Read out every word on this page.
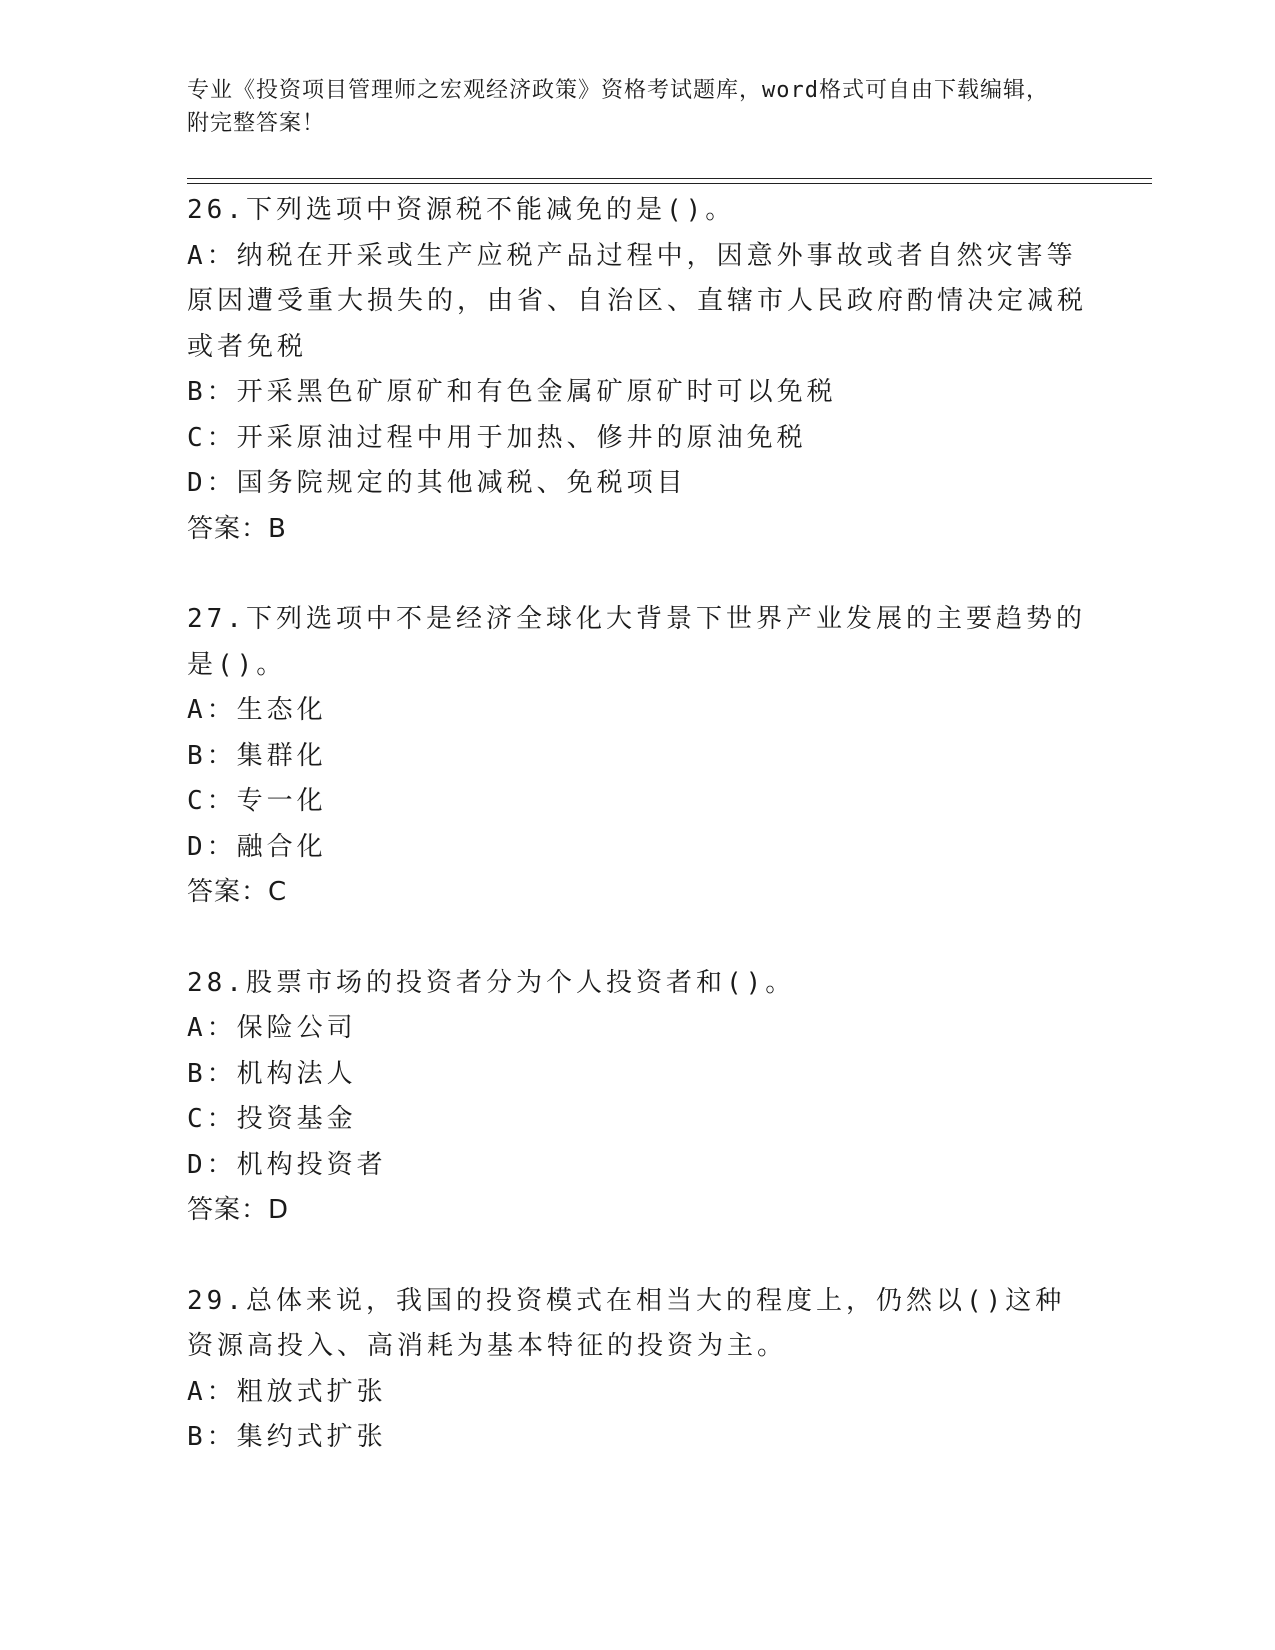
专业《投资项目管理师之宏观经济政策》资格考试题库，word格式可自由下载编辑，附完整答案！
26.下列选项中资源税不能减免的是()。
A：纳税在开采或生产应税产品过程中，因意外事故或者自然灾害等原因遭受重大损失的，由省、自治区、直辖市人民政府酌情决定减税或者免税
B：开采黑色矿原矿和有色金属矿原矿时可以免税
C：开采原油过程中用于加热、修井的原油免税
D：国务院规定的其他减税、免税项目
答案：B
27.下列选项中不是经济全球化大背景下世界产业发展的主要趋势的是()。
A：生态化
B：集群化
C：专一化
D：融合化
答案：C
28.股票市场的投资者分为个人投资者和()。
A：保险公司
B：机构法人
C：投资基金
D：机构投资者
答案：D
29.总体来说，我国的投资模式在相当大的程度上，仍然以()这种资源高投入、高消耗为基本特征的投资为主。
A：粗放式扩张
B：集约式扩张
